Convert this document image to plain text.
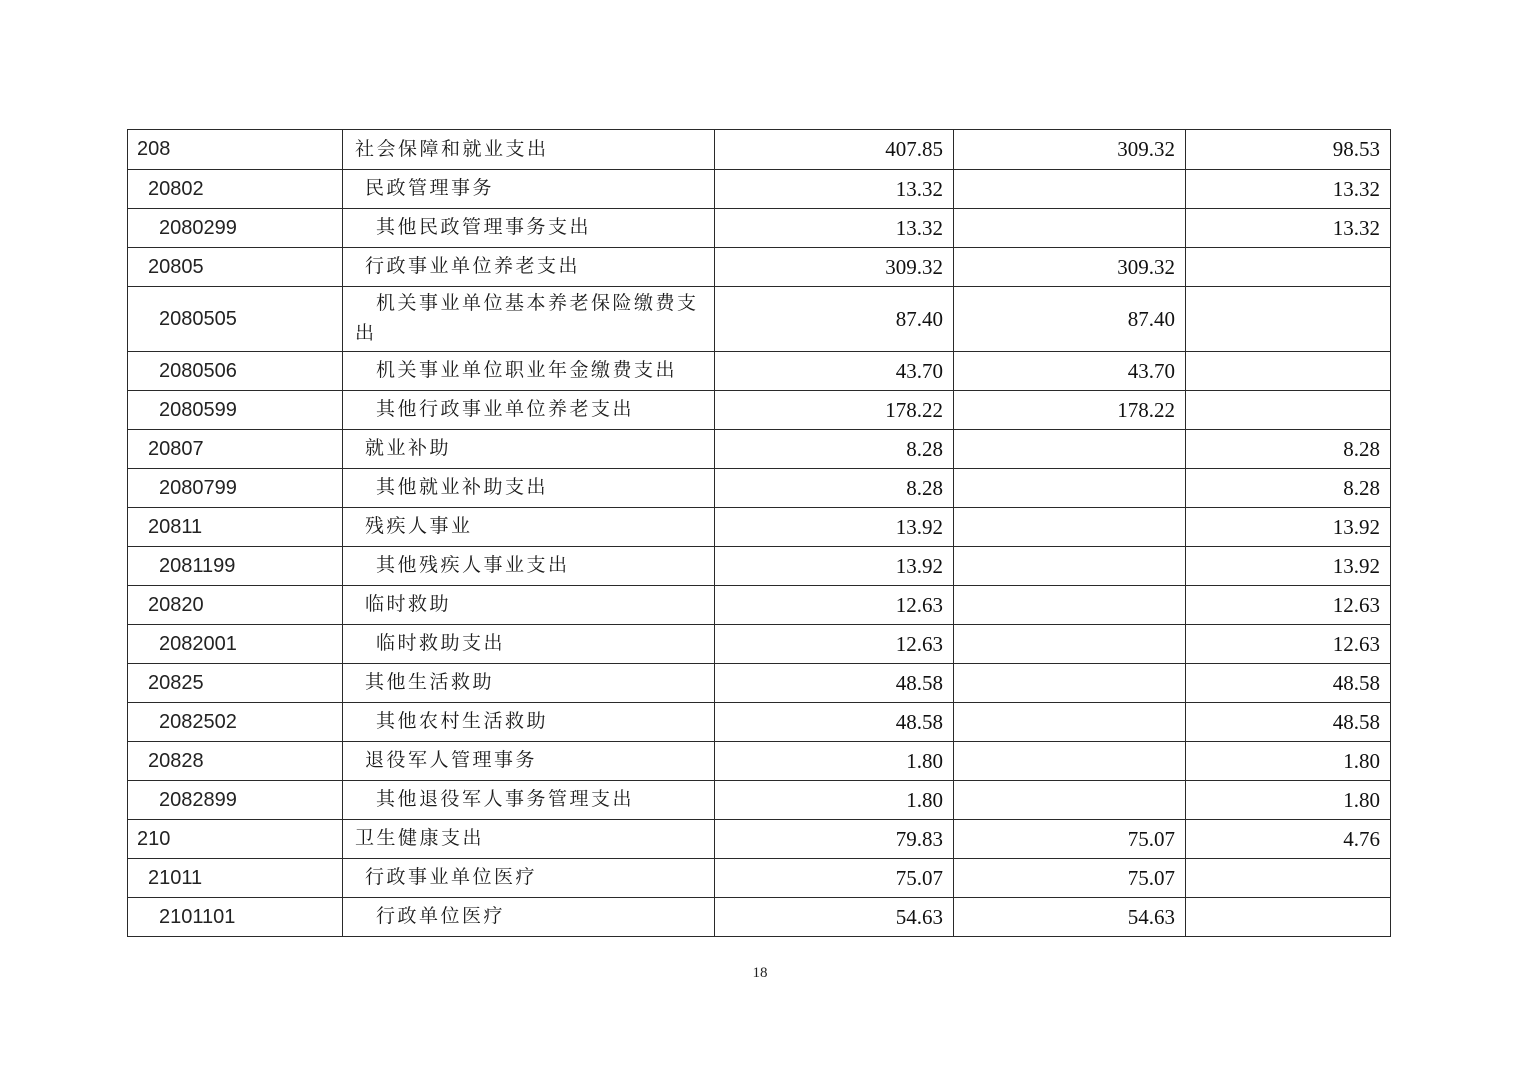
208	社会保障和就业支出	407.85	309.32	98.53
20802	民政管理事务	13.32		13.32
2080299	其他民政管理事务支出	13.32		13.32
20805	行政事业单位养老支出	309.32	309.32	
2080505	机关事业单位基本养老保险缴费支出	87.40	87.40	
2080506	机关事业单位职业年金缴费支出	43.70	43.70	
2080599	其他行政事业单位养老支出	178.22	178.22	
20807	就业补助	8.28		8.28
2080799	其他就业补助支出	8.28		8.28
20811	残疾人事业	13.92		13.92
2081199	其他残疾人事业支出	13.92		13.92
20820	临时救助	12.63		12.63
2082001	临时救助支出	12.63		12.63
20825	其他生活救助	48.58		48.58
2082502	其他农村生活救助	48.58		48.58
20828	退役军人管理事务	1.80		1.80
2082899	其他退役军人事务管理支出	1.80		1.80
210	卫生健康支出	79.83	75.07	4.76
21011	行政事业单位医疗	75.07	75.07	
2101101	行政单位医疗	54.63	54.63	
18
